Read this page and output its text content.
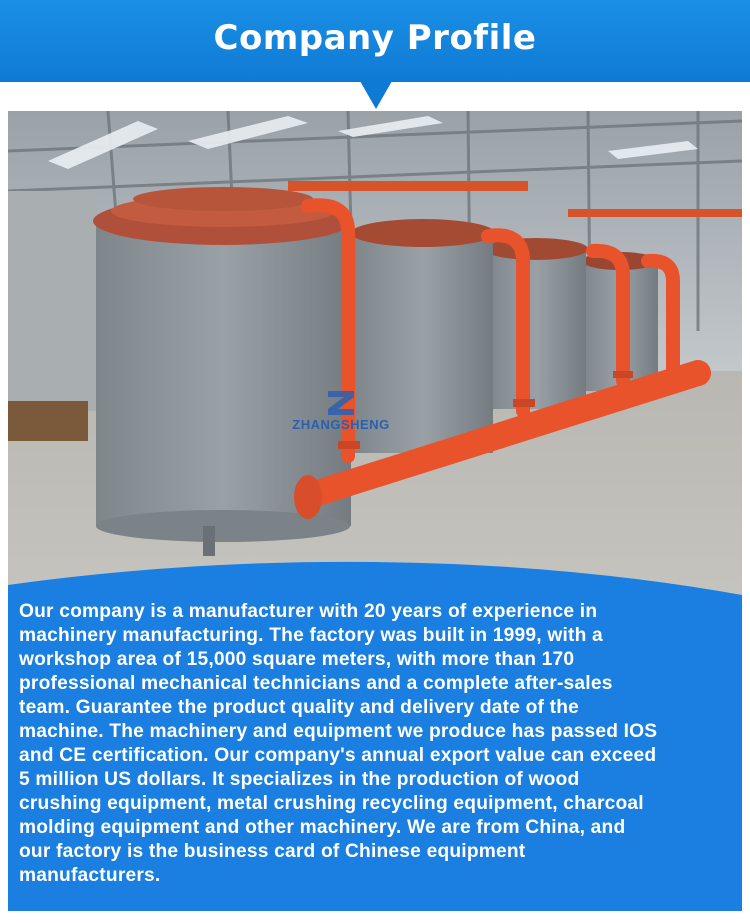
Company Profile
ZHANGSHENG
Our company is a manufacturer with 20 years of experience in
machinery manufacturing. The factory was built in 1999, with a
workshop area of 15,000 square meters, with more than 170
professional mechanical technicians and a complete after-sales
team. Guarantee the product quality and delivery date of the
machine. The machinery and equipment we produce has passed IOS
and CE certification. Our company's annual export value can exceed
5 million US dollars. It specializes in the production of wood
crushing equipment, metal crushing recycling equipment, charcoal
molding equipment and other machinery. We are from China, and
our factory is the business card of Chinese equipment
manufacturers.
